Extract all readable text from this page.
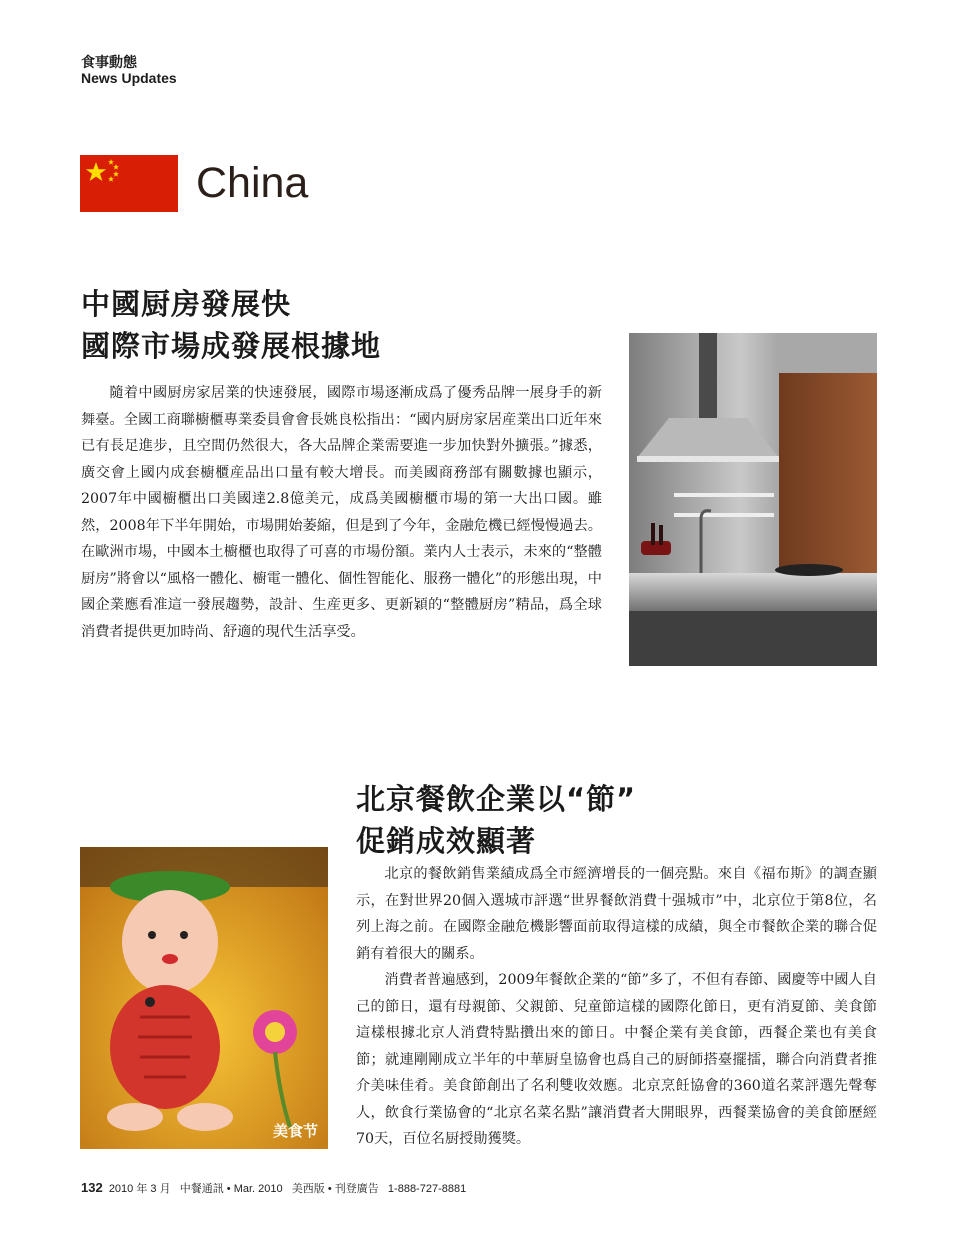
食事動態
News Updates
China
中國厨房發展快
國際市場成發展根據地
隨着中國厨房家居業的快速發展，國際市場逐漸成爲了優秀品牌一展身手的新舞臺。全國工商聯櫥櫃專業委員會會長姚良松指出：“國内厨房家居産業出口近年來已有長足進步，且空間仍然很大，各大品牌企業需要進一步加快對外擴張。”據悉，廣交會上國内成套櫥櫃産品出口量有較大增長。而美國商務部有關數據也顯示，2007年中國櫥櫃出口美國達2.8億美元，成爲美國櫥櫃市場的第一大出口國。雖然，2008年下半年開始，市場開始萎縮，但是到了今年，金融危機已經慢慢過去。在歐洲市場，中國本土櫥櫃也取得了可喜的市場份額。業内人士表示，未來的“整體厨房”將會以“風格一體化、櫥電一體化、個性智能化、服務一體化”的形態出現，中國企業應看准這一發展趨勢，設計、生産更多、更新穎的“整體厨房”精品，爲全球消費者提供更加時尚、舒適的現代生活享受。
北京餐飲企業以“節”
促銷成效顯著
美食节

北京的餐飲銷售業績成爲全市經濟增長的一個亮點。來自《福布斯》的調查顯示，在對世界20個入選城市評選“世界餐飲消費十强城市”中，北京位于第8位，名列上海之前。在國際金融危機影響面前取得這樣的成績，與全市餐飲企業的聯合促銷有着很大的關系。

消費者普遍感到，2009年餐飲企業的“節”多了，不但有春節、國慶等中國人自己的節日，還有母親節、父親節、兒童節這樣的國際化節日，更有消夏節、美食節這樣根據北京人消費特點攢出來的節日。中餐企業有美食節，西餐企業也有美食節；就連剛剛成立半年的中華厨皇協會也爲自己的厨師搭臺擺擂，聯合向消費者推介美味佳肴。美食節創出了名利雙收效應。北京烹飪協會的360道名菜評選先聲奪人，飲食行業協會的“北京名菜名點”讓消費者大開眼界，西餐業協會的美食節歷經70天，百位名厨授勛獲獎。

132  2010 年 3 月   中餐通訊 • Mar. 2010   美西版 • 刊登廣告   1-888-727-8881
